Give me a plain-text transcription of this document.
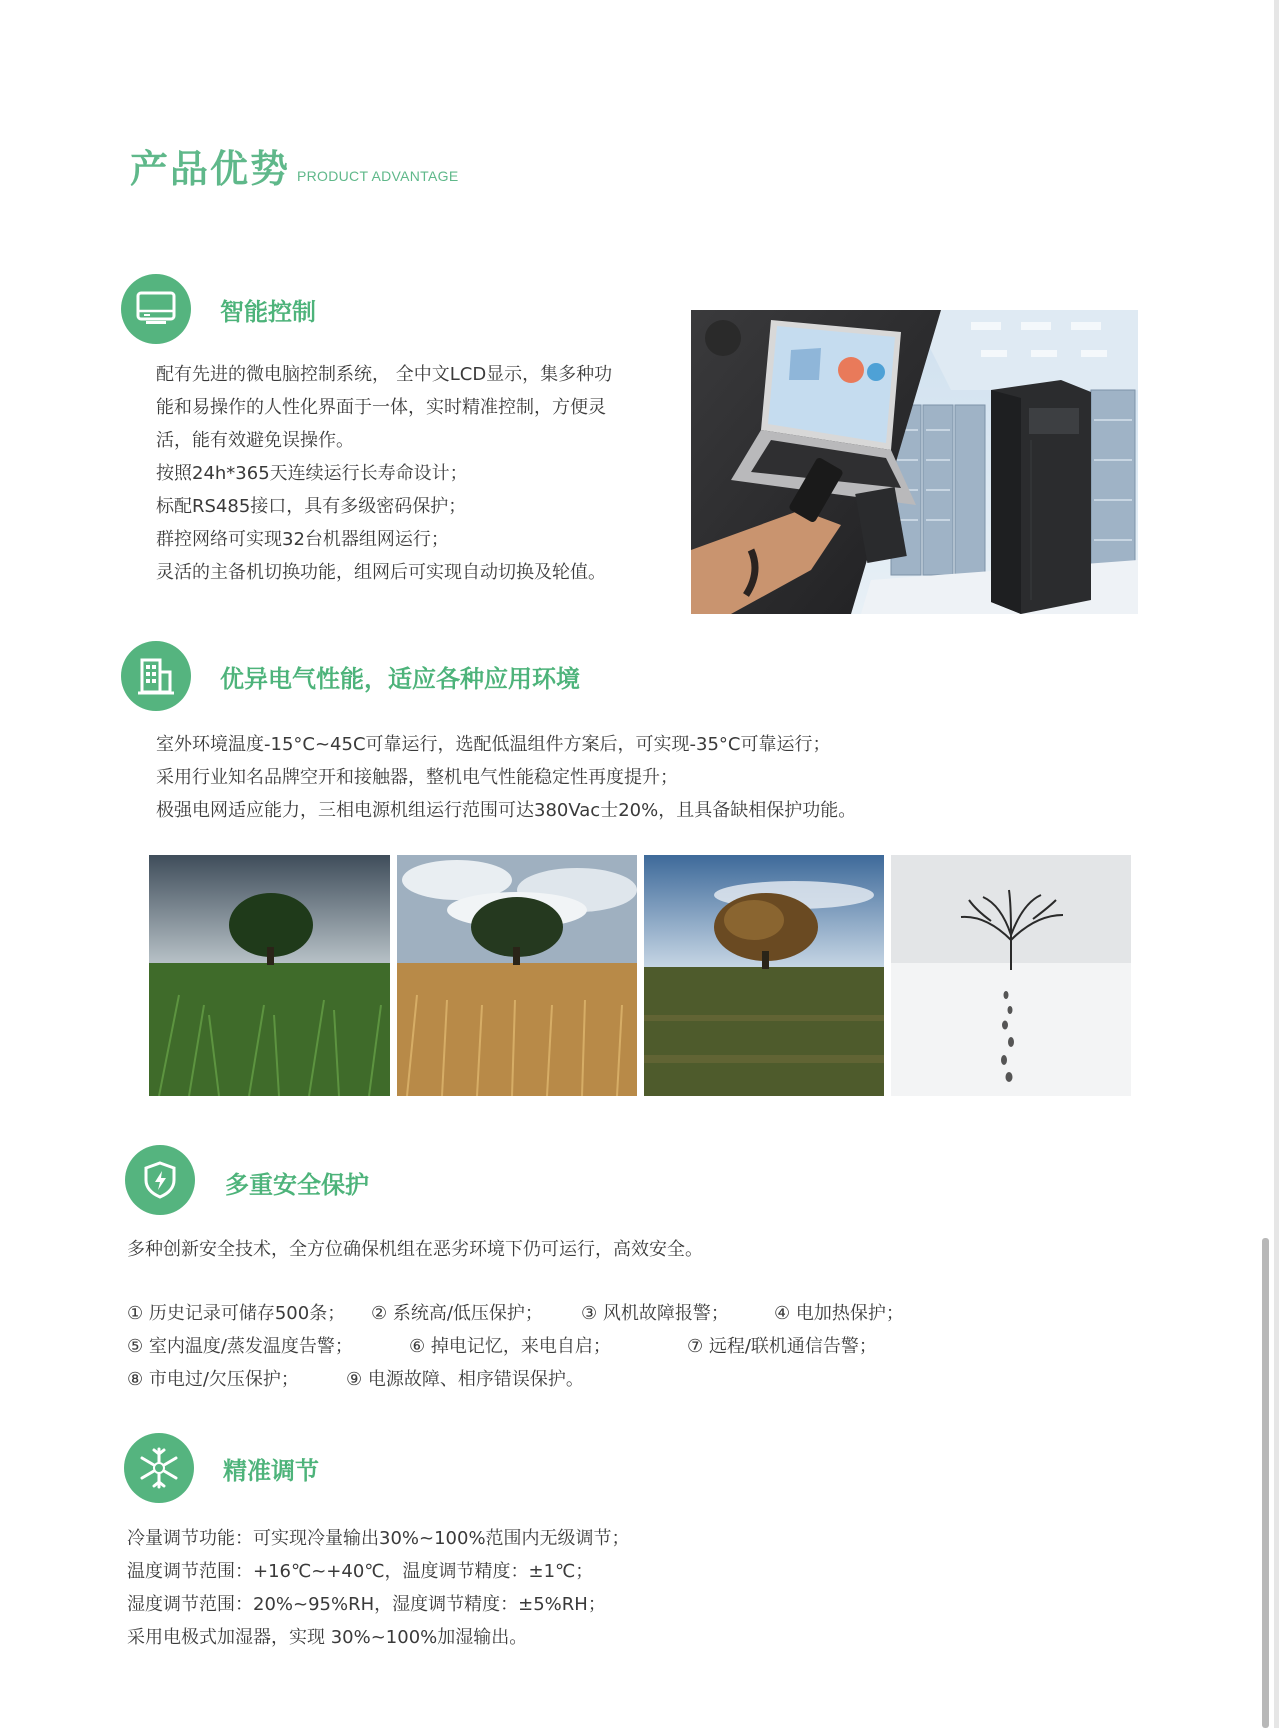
产品优势 PRODUCT ADVANTAGE
智能控制
配有先进的微电脑控制系统， 全中文LCD显示，集多种功
能和易操作的人性化界面于一体，实时精准控制，方便灵
活，能有效避免误操作。
按照24h*365天连续运行长寿命设计；
标配RS485接口，具有多级密码保护；
群控网络可实现32台机器组网运行；
灵活的主备机切换功能，组网后可实现自动切换及轮值。
优异电气性能，适应各种应用环境
室外环境温度-15°C~45C可靠运行，选配低温组件方案后，可实现-35°C可靠运行；
采用行业知名品牌空开和接触器，整机电气性能稳定性再度提升；
极强电网适应能力，三相电源机组运行范围可达380Vac士20%，且具备缺相保护功能。
多重安全保护
多种创新安全技术，全方位确保机组在恶劣环境下仍可运行，高效安全。
① 历史记录可储存500条； ② 系统高/低压保护； ③ 风机故障报警；	④ 电加热保护；
⑤ 室内温度/蒸发温度告警；	⑥ 掉电记忆，来电自启；	⑦ 远程/联机通信告警；
⑧ 市电过/欠压保护；	⑨ 电源故障、相序错误保护。
精准调节
冷量调节功能：可实现冷量输出30%~100%范围内无级调节；
温度调节范围：+16℃~+40℃，温度调节精度：±1℃；
湿度调节范围：20%~95%RH，湿度调节精度：±5%RH；
采用电极式加湿器，实现 30%~100%加湿输出。
